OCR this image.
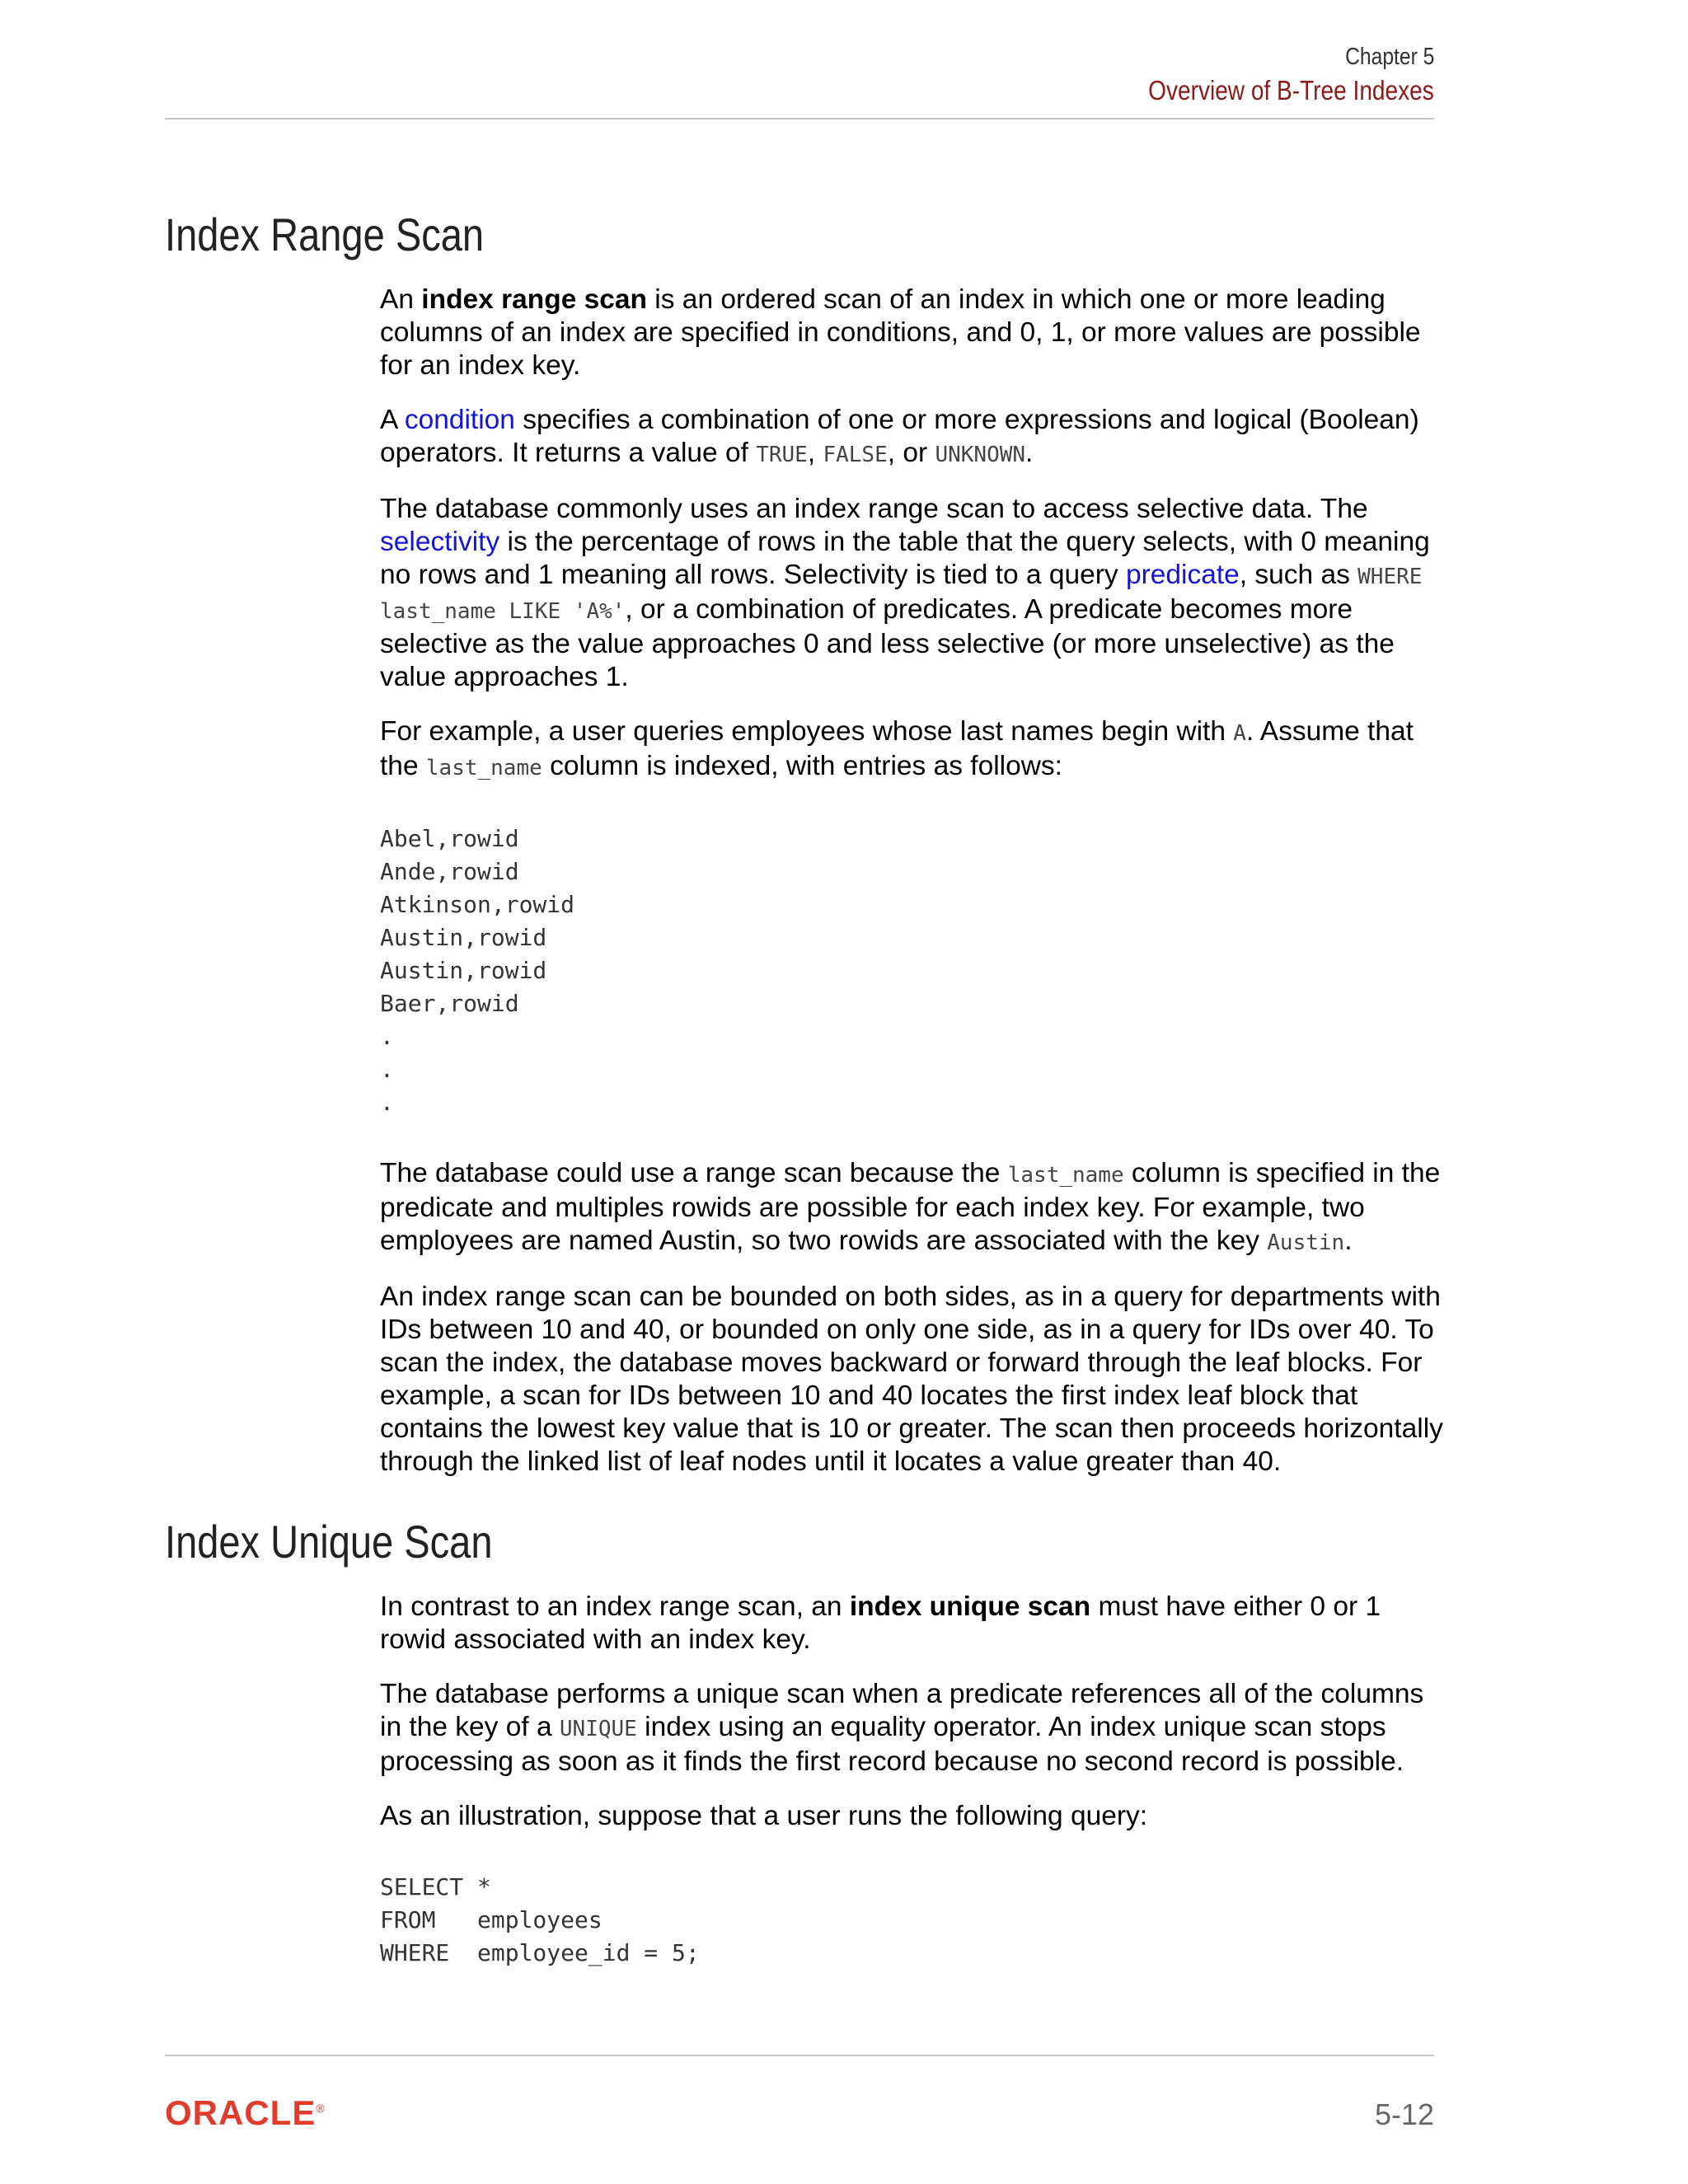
Chapter 5
Overview of B-Tree Indexes
Index Range Scan

An index range scan is an ordered scan of an index in which one or more leading columns of an index are specified in conditions, and 0, 1, or more values are possible for an index key.

A condition specifies a combination of one or more expressions and logical (Boolean) operators. It returns a value of TRUE, FALSE, or UNKNOWN.

The database commonly uses an index range scan to access selective data. The selectivity is the percentage of rows in the table that the query selects, with 0 meaning no rows and 1 meaning all rows. Selectivity is tied to a query predicate, such as WHERE last_name LIKE 'A%', or a combination of predicates. A predicate becomes more selective as the value approaches 0 and less selective (or more unselective) as the value approaches 1.

For example, a user queries employees whose last names begin with A. Assume that the last_name column is indexed, with entries as follows:

Abel,rowid
Ande,rowid
Atkinson,rowid
Austin,rowid
Austin,rowid
Baer,rowid
.
.
.

The database could use a range scan because the last_name column is specified in the predicate and multiples rowids are possible for each index key. For example, two employees are named Austin, so two rowids are associated with the key Austin.

An index range scan can be bounded on both sides, as in a query for departments with IDs between 10 and 40, or bounded on only one side, as in a query for IDs over 40. To scan the index, the database moves backward or forward through the leaf blocks. For example, a scan for IDs between 10 and 40 locates the first index leaf block that contains the lowest key value that is 10 or greater. The scan then proceeds horizontally through the linked list of leaf nodes until it locates a value greater than 40.

Index Unique Scan

In contrast to an index range scan, an index unique scan must have either 0 or 1 rowid associated with an index key.

The database performs a unique scan when a predicate references all of the columns in the key of a UNIQUE index using an equality operator. An index unique scan stops processing as soon as it finds the first record because no second record is possible.

As an illustration, suppose that a user runs the following query:

SELECT *
FROM   employees
WHERE  employee_id = 5;
ORACLE®	5-12
